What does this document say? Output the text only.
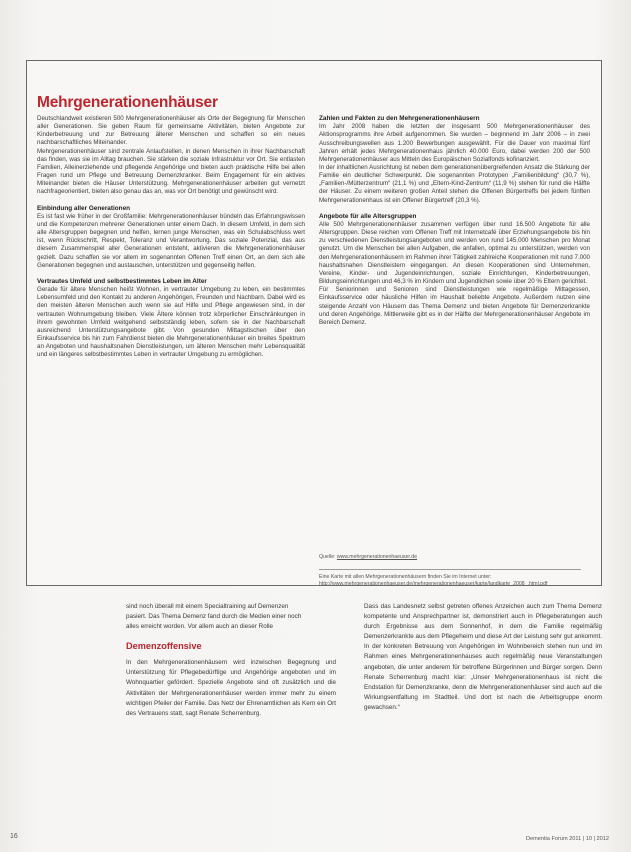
Mehrgenerationenhäuser

Deutschlandweit existieren 500 Mehrgenerationenhäuser als Orte der Begegnung für Menschen aller Generationen. Sie geben Raum für gemeinsame Aktivitäten, bieten Angebote zur Kinderbetreuung und zur Betreuung älterer Menschen und schaffen so ein neues nachbarschaftliches Miteinander.

Mehrgenerationenhäuser sind zentrale Anlaufstellen, in denen Menschen in ihrer Nachbarschaft das finden, was sie im Alltag brauchen. Sie stärken die soziale Infrastruktur vor Ort. Sie entlasten Familien, Alleinerziehende und pflegende Angehörige und bieten auch praktische Hilfe bei allen Fragen rund um Pflege und Betreuung Demenzkranker. Beim Engagement für ein aktives Miteinander bieten die Häuser Unterstützung. Mehrgenerationenhäuser arbeiten gut vernetzt nachfrageorientiert, bieten also genau das an, was vor Ort benötigt und gewünscht wird.

Einbindung aller Generationen

Es ist fast wie früher in der Großfamilie: Mehrgenerationenhäuser bündeln das Erfahrungswissen und die Kompetenzen mehrerer Generationen unter einem Dach. In diesem Umfeld, in dem sich alle Altersgruppen begegnen und helfen, lernen junge Menschen, was ein Schulabschluss wert ist, wenn Rückschritt, Respekt, Toleranz und Verantwortung. Das soziale Potenzial, das aus diesem Zusammenspiel aller Generationen entsteht, aktivieren die Mehrgenerationenhäuser gezielt. Dazu schaffen sie vor allem im sogenannten Offenen Treff einen Ort, an dem sich alle Generationen begegnen und austauschen, unterstützen und gegenseitig helfen.

Vertrautes Umfeld und selbstbestimmtes Leben im Alter

Gerade für ältere Menschen heißt Wohnen, in vertrauter Umgebung zu leben, ein bestimmtes Lebensumfeld und den Kontakt zu anderen Angehörigen, Freunden und Nachbarn. Dabei wird es den meisten älteren Menschen auch wenn sie auf Hilfe und Pflege angewiesen sind, in der vertrauten Wohnumgebung bleiben. Viele Ältere können trotz körperlicher Einschränkungen in ihrem gewohnten Umfeld weitgehend selbstständig leben, sofern sie in der Nachbarschaft ausreichend Unterstützungsangebote gibt. Von gesunden Mittagstischen über den Einkaufsservice bis hin zum Fahrdienst bieten die Mehrgenerationenhäuser ein breites Spektrum an Angeboten und haushaltsnahen Dienstleistungen, um älteren Menschen mehr Lebensqualität und ein längeres selbstbestimmtes Leben in vertrauter Umgebung zu ermöglichen.

Zahlen und Fakten zu den Mehrgenerationenhäusern

Im Jahr 2008 haben die letzten der insgesamt 500 Mehrgenerationenhäuser des Aktionsprogramms ihre Arbeit aufgenommen. Sie wurden – beginnend im Jahr 2006 – in zwei Ausschreibungswellen aus 1.200 Bewerbungen ausgewählt. Für die Dauer von maximal fünf Jahren erhält jedes Mehrgenerationenhaus jährlich 40.000 Euro, dabei werden 200 der 500 Mehrgenerationenhäuser aus Mitteln des Europäischen Sozialfonds kofinanziert.

In der inhaltlichen Ausrichtung ist neben dem generationenübergreifenden Ansatz die Stärkung der Familie ein deutlicher Schwerpunkt. Die sogenannten Prototypen „Familienbildung“ (30,7 %), „Familien-/Mütterzentrum“ (21,1 %) und „Eltern-Kind-Zentrum“ (11,9 %) stehen für rund die Hälfte der Häuser. Zu einem weiteren großen Anteil stehen die Offenen Bürgertreffs bei jedem fünften Mehrgenerationenhaus ist ein Offener Bürgertreff (20,3 %).

Angebote für alle Altersgruppen

Alle 500 Mehrgenerationenhäuser zusammen verfügen über rund 16.500 Angebote für alle Altersgruppen. Diese reichen vom Offenen Treff mit Internetcafé über Erziehungsangebote bis hin zu verschiedenen Dienstleistungsangeboten und werden von rund 145.000 Menschen pro Monat genutzt. Um die Menschen bei allen Aufgaben, die anfallen, optimal zu unterstützen, werden von den Mehrgenerationenhäusern im Rahmen ihrer Tätigkeit zahlreiche Kooperationen mit rund 7.000 haushaltsnahen Dienstleistern eingegangen. An diesen Kooperationen sind Unternehmen, Vereine, Kinder- und Jugendeinrichtungen, soziale Einrichtungen, Kinderbetreuungen, Bildungseinrichtungen und 46,3 % im Kindern und Jugendlichen sowie über 20 % Eltern gerichtet.

Für Seniorinnen und Senioren sind Dienstleistungen wie regelmäßige Mittagessen, Einkaufsservice oder häusliche Hilfen im Haushalt beliebte Angebote. Außerdem nutzen eine steigende Anzahl von Häusern das Thema Demenz und bieten Angebote für Demenzerkrankte und deren Angehörige. Mittlerweile gibt es in der Hälfte der Mehrgenerationenhäuser Angebote im Bereich Demenz.

Quelle: www.mehrgenerationenhaeuser.de
Eine Karte mit allen Mehrgenerationenhäusern finden Sie im Internet unter: http://www.mehrgenerationenhaeuser.de/mehrgenerationenhaeuser/karte/landkarte_2008_.html.pdf

sind noch überall mit einem Specialtraining auf Demenzen

pasiert. Das Thema Demenz fand durch die Medien einer noch

alles erreicht worden. Vor allem auch an dieser Rolle

Demenzoffensive

In den Mehrgenerationenhäusern wird inzwischen Begegnung und Unterstützung für Pflegebedürftige und Angehörige angeboten und im Wohnquartier gefördert. Spezielle Angebote sind oft zusätzlich und die Aktivitäten der Mehrgenerationenhäuser werden immer mehr zu einem wichtigen Pfeiler der Familie. Das Netz der Ehrenamtlichen als Kern ein Ort des Vertrauens statt, sagt Renate Scherrenburg.

Dass das Landesnetz selbst getreten offenes Anzeichen auch zum Thema Demenz kompetente und Ansprechpartner ist, demonstriert auch in Pflegeberatungen auch durch Ergebnisse aus dem Sonnenhof, in dem die Familie regelmäßig Demenzerkrankte aus dem Pflegeheim und diese Art der Leistung sehr gut ankommt. In der konkreten Betreuung von Angehörigen im Wohnbereich stehen nun und im Rahmen eines Mehrgenerationenhauses auch regelmäßig neue Veranstaltungen angeboten, die unter anderem für betroffene Bürgerinnen und Bürger sorgen. Denn Renate Scherrenburg macht klar: „Unser Mehrgenerationenhaus ist nicht die Endstation für Demenzkranke, denn die Mehrgenerationenhäuser sind auch auf die Wirkungsentfaltung im Stadtteil. Und dort ist nach die Arbeitsgruppe enorm gewachsen.“

16	Dementia Forum 2011 | 10 | 2012
